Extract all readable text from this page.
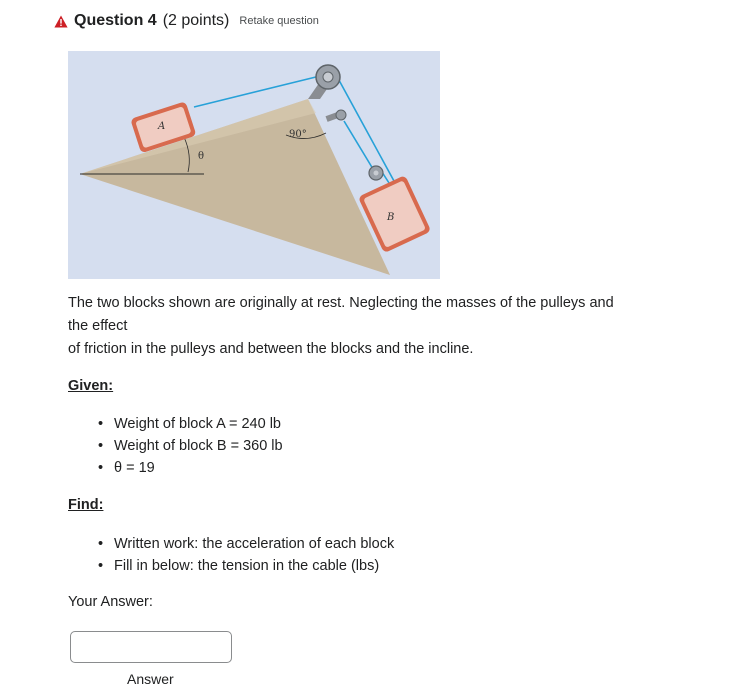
Question 4 (2 points) Retake question
θ
90°
A
B

The two blocks shown are originally at rest. Neglecting the masses of the pulleys and

the effect

of friction in the pulleys and between the blocks and the incline.

Given:
• Weight of block A = 240 lb
• Weight of block B = 360 lb
• θ = 19
Find:
• Written work: the acceleration of each block
• Fill in below: the tension in the cable (lbs)
Your Answer:
Answer
